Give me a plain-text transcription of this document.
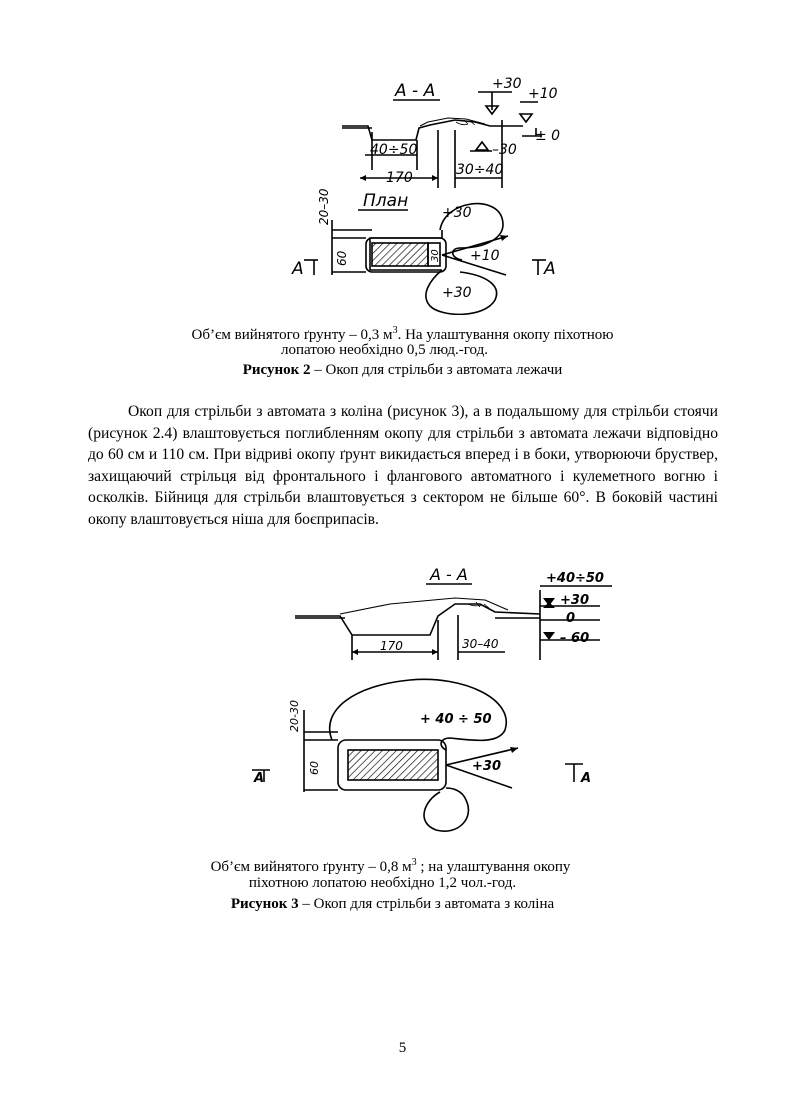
А - А	+30
+10
± 0
–30
40÷50
170	30÷40
План
20–30
60	30
+30
+10
+30
А	А
Об’єм вийнятого ґрунту – 0,3 $м^3$. На улаштування окопу піхотною
лопатою необхідно 0,5 люд.-год.
Рисунок 2 – Окоп для стрільби з автомата лежачи
Окоп для стрільби з автомата з коліна (рисунок 3), а в подальшому для стрільби стоячи (рисунок 2.4) влаштовується поглибленням окопу для стрільби з автомата лежачи відповідно до 60 см и 110 см. При відриві окопу ґрунт викидається вперед і в боки, утворюючи бруствер, захищаючий стрільця від фронтального і флангового автоматного і кулеметного вогню і осколків. Бійниця для стрільби влаштовується з сектором не більше 60°. В боковій частині окопу влаштовується ніша для боєприпасів.
А - А	+40÷50
+30
0
– 60
170	30–40
20-30
60
+ 40 ÷ 50
+30
А	А
Об’єм вийнятого ґрунту – 0,8 $м^3$ ; на улаштування окопу
піхотною лопатою необхідно 1,2 чол.-год.
Рисунок 3 – Окоп для стрільби з автомата з коліна
5
